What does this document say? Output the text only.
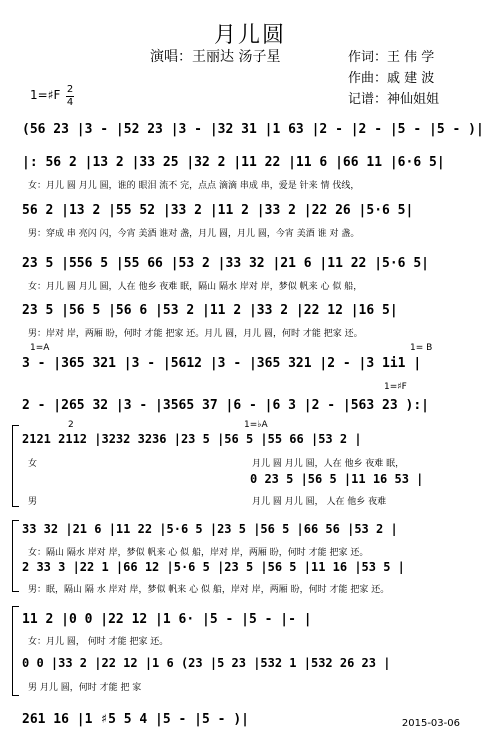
月儿圆
演唱：王丽达 汤子星	作词：王 伟 学
作曲：戚 建 波
记谱：神仙姐姐
1=♯F 2
4
(56 23 |3 - |52 23 |3 - |32 31 |1 63 |2 - |2 - |5 - |5 - )|
|: 56 2 |13 2 |33 25 |32 2 |11 22 |11 6 |66 11 |6·6 5|
女：月儿 圆 月儿 圆，谁的 眼泪 流不 完，点点 滴滴 串成 串，爱是 针来 情 伐线，
56 2 |13 2 |55 52 |33 2 |11 2 |33 2 |22 26 |5·6 5|
男：穿成 串 亮闪 闪，今宵 美酒 谁对 盏，月儿 圆，月儿 圆，今宵 美酒 谁 对 盏。
23 5 |556 5 |55 66 |53 2 |33 32 |21 6 |11 22 |5·6 5|
女：月儿 圆 月儿 圆，人在 他乡 夜难 眠，隔山 隔水 岸对 岸，梦似 帆来 心 似 船，
23 5 |56 5 |56 6 |53 2 |11 2 |33 2 |22 12 |16 5|
男：岸对 岸，两厢 盼，何时 才能 把家 还。月儿 圆，月儿 圆，何时 才能 把家 还。
1=A	1= B
3 - |365 321 |3 - |5612 |3 - |365 321 |2 - |3 1i1 |
1=♯F
2 - |265 32 |3 - |3565 37 |6 - |6 3 |2 - |563 23 ):|
2	1=♭A
2121 2112 |3232 3236 |23 5 |56 5 |55 66 |53 2 |
女	月儿 圆 月儿 圆，人在 他乡 夜难 眠，
0 23 5 |56 5 |11 16 53 |
男	月儿 圆 月儿 圆， 人在 他乡 夜难
33 32 |21 6 |11 22 |5·6 5 |23 5 |56 5 |66 56 |53 2 |
女：隔山 隔水 岸对 岸，梦似 帆来 心 似 船，岸对 岸，两厢 盼，何时 才能 把家 还。
2 33 3 |22 1 |66 12 |5·6 5 |23 5 |56 5 |11 16 |53 5 |
男：眠，隔山 隔 水 岸对 岸，梦似 帆来 心 似 船，岸对 岸，两厢 盼，何时 才能 把家 还。
11 2 |0 0 |22 12 |1 6· |5 - |5 - |- |
女：月儿 圆， 何时 才能 把家 还。
0 0 |33 2 |22 12 |1 6 (23 |5 23 |532 1 |532 26 23 |
男 月儿 圆，何时 才能 把 家
261 16 |1 ♯5 5 4 |5 - |5 - )|	2015-03-06
